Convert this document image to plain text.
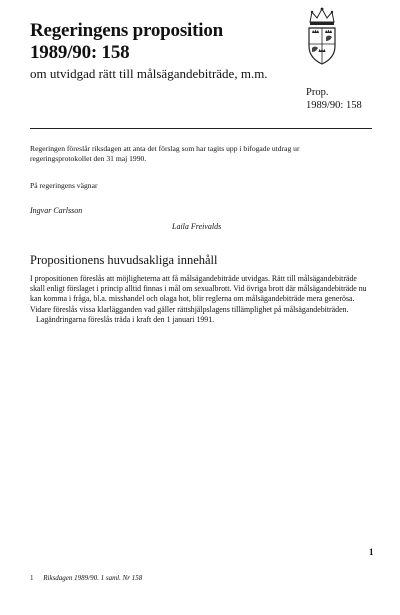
Regeringens proposition
1989/90: 158
om utvidgad rätt till målsägandebiträde, m.m.
Prop.
1989/90: 158
Regeringen föreslår riksdagen att anta det förslag som har tagits upp i bifogade utdrag ur regeringsprotokollet den 31 maj 1990.
På regeringens vägnar
Ingvar Carlsson
Laila Freivalds
Propositionens huvudsakliga innehåll

I propositionen föreslås att möjligheterna att få målsägandebiträde utvidgas. Rätt till målsägandebiträde skall enligt förslaget i princip alltid finnas i mål om sexualbrott. Vid övriga brott där målsägandebiträde nu kan komma i fråga, bl.a. misshandel och olaga hot, blir reglerna om målsägandebiträde mera generösa. Vidare föreslås vissa klarlägganden vad gäller rättshjälpslagens tillämplighet på målsägandebiträden.

Lagändringarna föreslås träda i kraft den 1 januari 1991.

1
1 Riksdagen 1989/90. 1 saml. Nr 158
